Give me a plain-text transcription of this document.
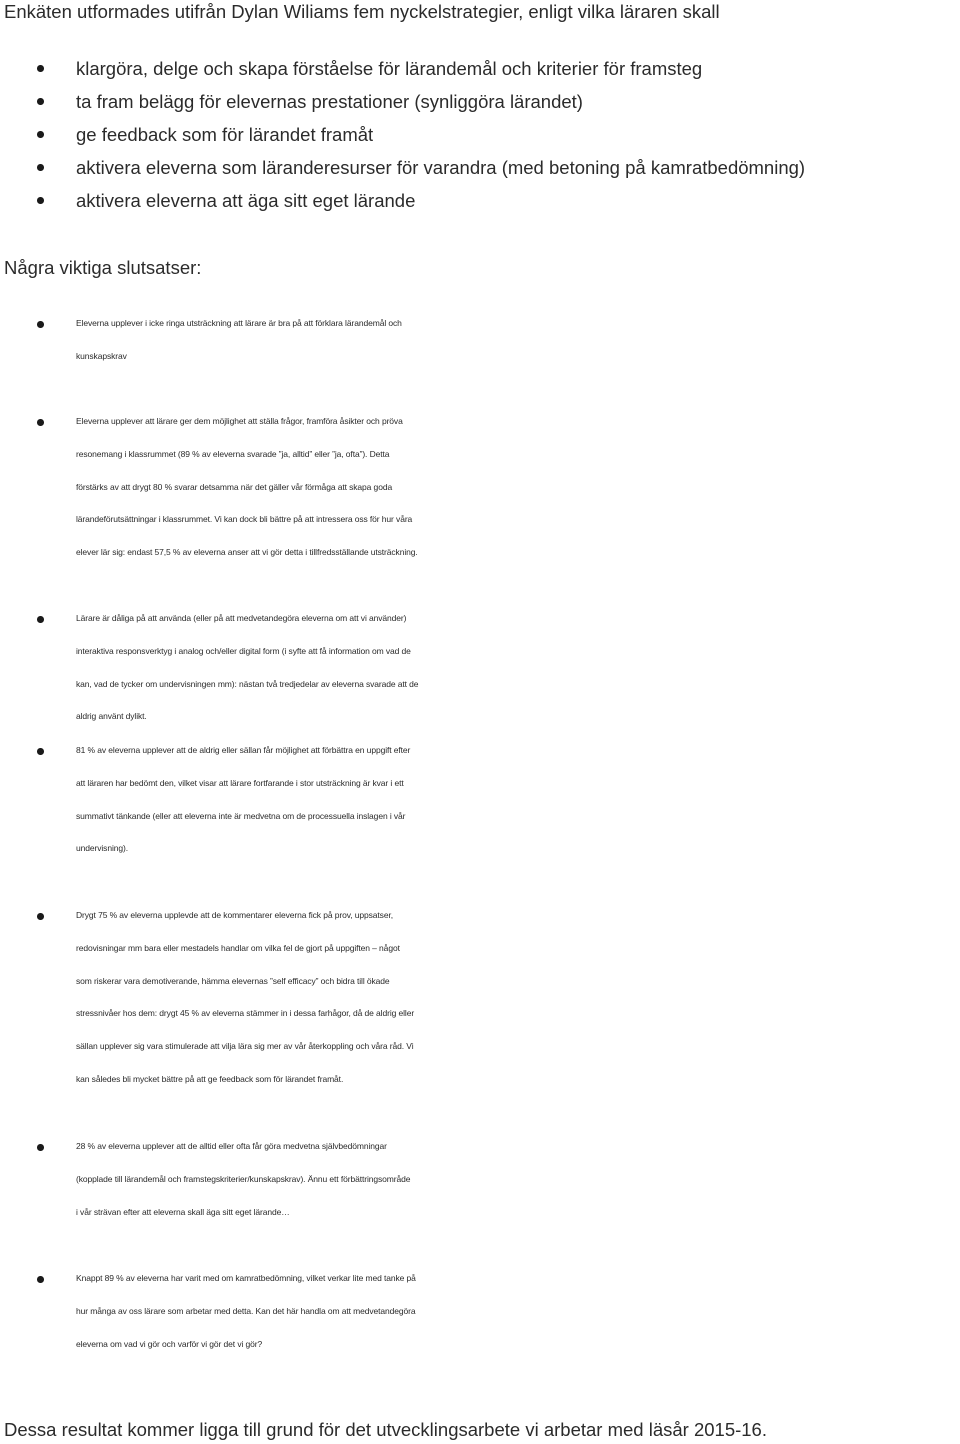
Enkäten utformades utifrån Dylan Wiliams fem nyckelstrategier, enligt vilka läraren skall
klargöra, delge och skapa förståelse för lärandemål och kriterier för framsteg
ta fram belägg för elevernas prestationer (synliggöra lärandet)
ge feedback som för lärandet framåt
aktivera eleverna som läranderesurser för varandra (med betoning på kamratbedömning)
aktivera eleverna att äga sitt eget lärande
Några viktiga slutsatser:
Eleverna upplever i icke ringa utsträckning att lärare är bra på att förklara lärandemål och
kunskapskrav
Eleverna upplever att lärare ger dem möjlighet att ställa frågor, framföra åsikter och pröva
resonemang i klassrummet (89 % av eleverna svarade ”ja, alltid” eller ”ja, ofta”). Detta
förstärks av att drygt 80 % svarar detsamma när det gäller vår förmåga att skapa goda
lärandeförutsättningar i klassrummet. Vi kan dock bli bättre på att intressera oss för hur våra
elever lär sig: endast 57,5 % av eleverna anser att vi gör detta i tillfredsställande utsträckning.
Lärare är dåliga på att använda (eller på att medvetandegöra eleverna om att vi använder)
interaktiva responsverktyg i analog och/eller digital form (i syfte att få information om vad de
kan, vad de tycker om undervisningen mm): nästan två tredjedelar av eleverna svarade att de
aldrig använt dylikt.
81 % av eleverna upplever att de aldrig eller sällan får möjlighet att förbättra en uppgift efter
att läraren har bedömt den, vilket visar att lärare fortfarande i stor utsträckning är kvar i ett
summativt tänkande (eller att eleverna inte är medvetna om de processuella inslagen i vår
undervisning).
Drygt 75 % av eleverna upplevde att de kommentarer eleverna fick på prov, uppsatser,
redovisningar mm bara eller mestadels handlar om vilka fel de gjort på uppgiften – något
som riskerar vara demotiverande, hämma elevernas ”self efficacy” och bidra till ökade
stressnivåer hos dem: drygt 45 % av eleverna stämmer in i dessa farhågor, då de aldrig eller
sällan upplever sig vara stimulerade att vilja lära sig mer av vår återkoppling och våra råd. Vi
kan således bli mycket bättre på att ge feedback som för lärandet framåt.
28 % av eleverna upplever att de alltid eller ofta får göra medvetna självbedömningar
(kopplade till lärandemål och framstegskriterier/kunskapskrav). Ännu ett förbättringsområde
i vår strävan efter att eleverna skall äga sitt eget lärande…
Knappt 89 % av eleverna har varit med om kamratbedömning, vilket verkar lite med tanke på
hur många av oss lärare som arbetar med detta. Kan det här handla om att medvetandegöra
eleverna om vad vi gör och varför vi gör det vi gör?
Dessa resultat kommer ligga till grund för det utvecklingsarbete vi arbetar med läsår 2015-16.
